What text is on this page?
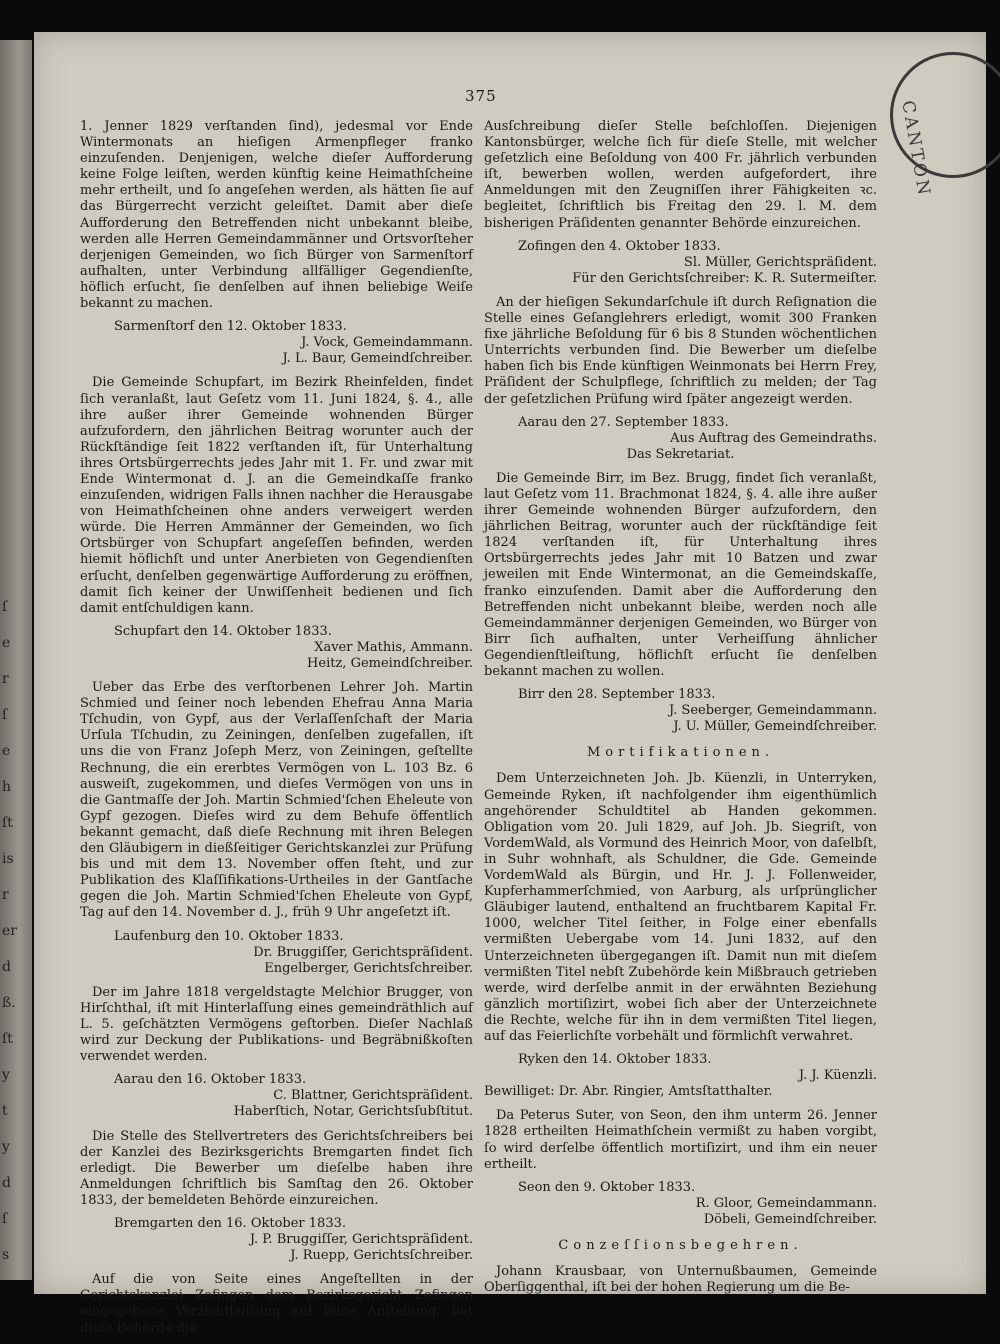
ſ
e
r
ſ
e
h
ſt
is
r
er
d
ß.
ſt
y
t
y
d
ſ
s
CANTON
375

1. Jenner 1829 verſtanden ſind), jedesmal vor Ende Wintermonats an hieſigen Armenpfleger franko einzuſenden. Denjenigen, welche dieſer Aufforderung keine Folge leiſten, werden künftig keine Heimathſcheine mehr ertheilt, und ſo angeſehen werden, als hätten ſie auf das Bürgerrecht verzicht geleiſtet. Damit aber dieſe Aufforderung den Betreffenden nicht unbekannt bleibe, werden alle Herren Gemeindammänner und Ortsvorſteher derjenigen Gemeinden, wo ſich Bürger von Sarmenſtorf aufhalten, unter Verbindung allfälliger Gegendienſte, höflich erſucht, ſie denſelben auf ihnen beliebige Weiſe bekannt zu machen.

Sarmenſtorf den 12. Oktober 1833.

J. Vock, Gemeindammann.

J. L. Baur, Gemeindſchreiber.

Die Gemeinde Schupfart, im Bezirk Rheinfelden, findet ſich veranlaßt, laut Geſetz vom 11. Juni 1824, §. 4., alle ihre außer ihrer Gemeinde wohnenden Bürger aufzufordern, den jährlichen Beitrag worunter auch der Rückſtändige ſeit 1822 verſtanden iſt, für Unterhaltung ihres Ortsbürgerrechts jedes Jahr mit 1. Fr. und zwar mit Ende Wintermonat d. J. an die Gemeindkaſſe franko einzuſenden, widrigen Falls ihnen nachher die Herausgabe von Heimathſcheinen ohne anders verweigert werden würde. Die Herren Ammänner der Gemeinden, wo ſich Ortsbürger von Schupfart angeſeſſen befinden, werden hiemit höflichſt und unter Anerbieten von Gegendienſten erſucht, denſelben gegenwärtige Aufforderung zu eröffnen, damit ſich keiner der Unwiſſenheit bedienen und ſich damit entſchuldigen kann.

Schupfart den 14. Oktober 1833.

Xaver Mathis, Ammann.

Heitz, Gemeindſchreiber.

Ueber das Erbe des verſtorbenen Lehrer Joh. Martin Schmied und ſeiner noch lebenden Ehefrau Anna Maria Tſchudin, von Gypf, aus der Verlaſſenſchaft der Maria Urſula Tſchudin, zu Zeiningen, denſelben zugefallen, iſt uns die von Franz Joſeph Merz, von Zeiningen, geſtellte Rechnung, die ein ererbtes Vermögen von L. 103 Bz. 6 ausweiſt, zugekommen, und dieſes Vermögen von uns in die Gantmaſſe der Joh. Martin Schmied'ſchen Eheleute von Gypf gezogen. Dieſes wird zu dem Behufe öffentlich bekannt gemacht, daß dieſe Rechnung mit ihren Belegen den Gläubigern in dießſeitiger Gerichtskanzlei zur Prüfung bis und mit dem 13. November offen ſteht, und zur Publikation des Klaſſifikations-Urtheiles in der Gantſache gegen die Joh. Martin Schmied'ſchen Eheleute von Gypf, Tag auf den 14. November d. J., früh 9 Uhr angeſetzt iſt.

Laufenburg den 10. Oktober 1833.

Dr. Bruggiſſer, Gerichtspräſident.

Engelberger, Gerichtsſchreiber.

Der im Jahre 1818 vergeldstagte Melchior Brugger, von Hirſchthal, iſt mit Hinterlaſſung eines gemeindräthlich auf L. 5. geſchätzten Vermögens geſtorben. Dieſer Nachlaß wird zur Deckung der Publikations- und Begräbnißkoſten verwendet werden.

Aarau den 16. Oktober 1833.

C. Blattner, Gerichtspräſident.

Haberſtich, Notar, Gerichtsſubſtitut.

Die Stelle des Stellvertreters des Gerichtsſchreibers bei der Kanzlei des Bezirksgerichts Bremgarten findet ſich erledigt. Die Bewerber um dieſelbe haben ihre Anmeldungen ſchriftlich bis Samſtag den 26. Oktober 1833, der bemeldeten Behörde einzureichen.

Bremgarten den 16. Oktober 1833.

J. P. Bruggiſſer, Gerichtspräſident.

J. Ruepp, Gerichtsſchreiber.

Auf die von Seite eines Angeſtellten in der Gerichtskanzlei Zofingen dem Bezirksgericht Zofingen eingegebene Verzichtleiſtung auf ſeine Anſtellung, hat dieſe Behörde die

Ausſchreibung dieſer Stelle beſchloſſen. Diejenigen Kantonsbürger, welche ſich für dieſe Stelle, mit welcher geſetzlich eine Beſoldung von 400 Fr. jährlich verbunden iſt, bewerben wollen, werden aufgefordert, ihre Anmeldungen mit den Zeugniſſen ihrer Fähigkeiten ꝛc. begleitet, ſchriftlich bis Freitag den 29. l. M. dem bisherigen Präſidenten genannter Behörde einzureichen.

Zofingen den 4. Oktober 1833.

Sl. Müller, Gerichtspräſident.

Für den Gerichtsſchreiber: K. R. Sutermeiſter.

An der hieſigen Sekundarſchule iſt durch Reſignation die Stelle eines Geſanglehrers erledigt, womit 300 Franken fixe jährliche Beſoldung für 6 bis 8 Stunden wöchentlichen Unterrichts verbunden ſind. Die Bewerber um dieſelbe haben ſich bis Ende künftigen Weinmonats bei Herrn Frey, Präſident der Schulpflege, ſchriftlich zu melden; der Tag der geſetzlichen Prüfung wird ſpäter angezeigt werden.

Aarau den 27. September 1833.

Aus Auftrag des Gemeindraths.

Das Sekretariat.

Die Gemeinde Birr, im Bez. Brugg, findet ſich veranlaßt, laut Geſetz vom 11. Brachmonat 1824, §. 4. alle ihre außer ihrer Gemeinde wohnenden Bürger aufzufordern, den jährlichen Beitrag, worunter auch der rückſtändige ſeit 1824 verſtanden iſt, für Unterhaltung ihres Ortsbürgerrechts jedes Jahr mit 10 Batzen und zwar jeweilen mit Ende Wintermonat, an die Gemeindskaſſe, franko einzuſenden. Damit aber die Aufforderung den Betreffenden nicht unbekannt bleibe, werden noch alle Gemeindammänner derjenigen Gemeinden, wo Bürger von Birr ſich aufhalten, unter Verheiſſung ähnlicher Gegendienſtleiſtung, höflichſt erſucht ſie denſelben bekannt machen zu wollen.

Birr den 28. September 1833.

J. Seeberger, Gemeindammann.

J. U. Müller, Gemeindſchreiber.

Mortifikationen.

Dem Unterzeichneten Joh. Jb. Küenzli, in Unterryken, Gemeinde Ryken, iſt nachfolgender ihm eigenthümlich angehörender Schuldtitel ab Handen gekommen. Obligation vom 20. Juli 1829, auf Joh. Jb. Siegriſt, von VordemWald, als Vormund des Heinrich Moor, von daſelbſt, in Suhr wohnhaft, als Schuldner, die Gde. Gemeinde VordemWald als Bürgin, und Hr. J. J. Follenweider, Kupferhammerſchmied, von Aarburg, als urſprünglicher Gläubiger lautend, enthaltend an fruchtbarem Kapital Fr. 1000, welcher Titel ſeither, in Folge einer ebenfalls vermißten Uebergabe vom 14. Juni 1832, auf den Unterzeichneten übergegangen iſt. Damit nun mit dieſem vermißten Titel nebſt Zubehörde kein Mißbrauch getrieben werde, wird derſelbe anmit in der erwähnten Beziehung gänzlich mortiſizirt, wobei ſich aber der Unterzeichnete die Rechte, welche für ihn in dem vermißten Titel liegen, auf das Feierlichſte vorbehält und förmlichſt verwahret.

Ryken den 14. Oktober 1833.

J. J. Küenzli.

Bewilliget: Dr. Abr. Ringier, Amtsſtatthalter.

Da Peterus Suter, von Seon, den ihm unterm 26. Jenner 1828 ertheilten Heimathſchein vermißt zu haben vorgibt, ſo wird derſelbe öffentlich mortiſizirt, und ihm ein neuer ertheilt.

Seon den 9. Oktober 1833.

R. Gloor, Gemeindammann.

Döbeli, Gemeindſchreiber.

Conzeſſionsbegehren.

Johann Krausbaar, von Unternußbaumen, Gemeinde Oberſiggenthal, iſt bei der hohen Regierung um die Be-
